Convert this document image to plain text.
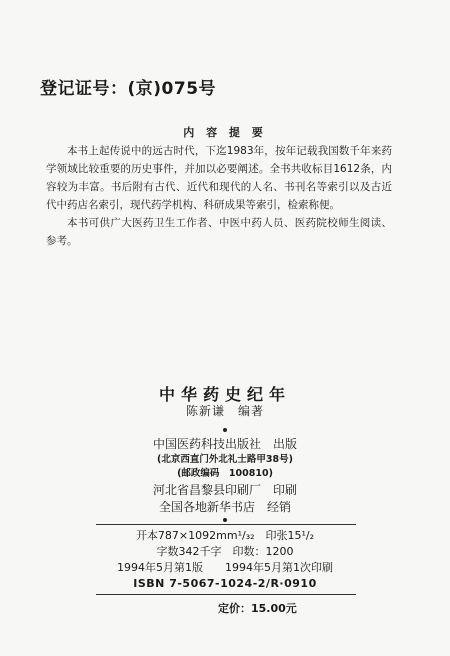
登记证号：(京)075号
内 容 提 要

本书上起传说中的远古时代，下迄1983年，按年记载我国数千年来药学领域比较重要的历史事件，并加以必要阐述。全书共收标目1612条，内容较为丰富。书后附有古代、近代和现代的人名、书刊名等索引以及古近代中药店名索引，现代药学机构、科研成果等索引，检索称便。

本书可供广大医药卫生工作者、中医中药人员、医药院校师生阅读、参考。

中华药史纪年
陈新谦　编著
中国医药科技出版社　出版
(北京西直门外北礼士路甲38号)
(邮政编码　100810)
河北省昌黎县印刷厂　印刷
全国各地新华书店　经销
开本787×1092mm¹/₃₂　印张15¹/₂
字数342千字　印数：1200
1994年5月第1版　　1994年5月第1次印刷
ISBN 7-5067-1024-2/R·0910
定价：15.00元
